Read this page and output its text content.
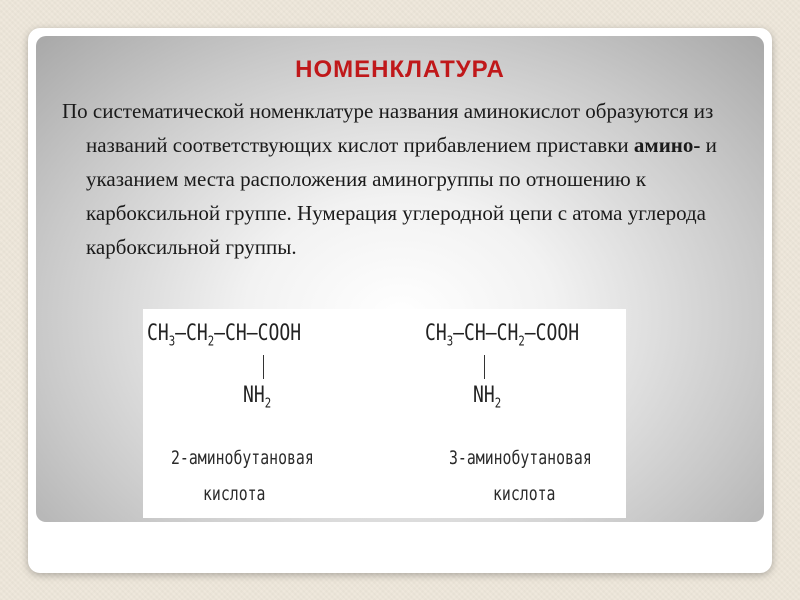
НОМЕНКЛАТУРА
По систематической номенклатуре названия аминокислот образуются из названий соответствующих кислот прибавлением приставки амино- и указанием места расположения аминогруппы по отношению к карбоксильной группе. Нумерация углеродной цепи с атома углерода карбоксильной группы.
$CH_3—CH_2—CH—COOH$
$NH_2$
2-аминобутановая
кислота
$CH_3—CH—CH_2—COOH$
$NH_2$
3-аминобутановая
кислота
